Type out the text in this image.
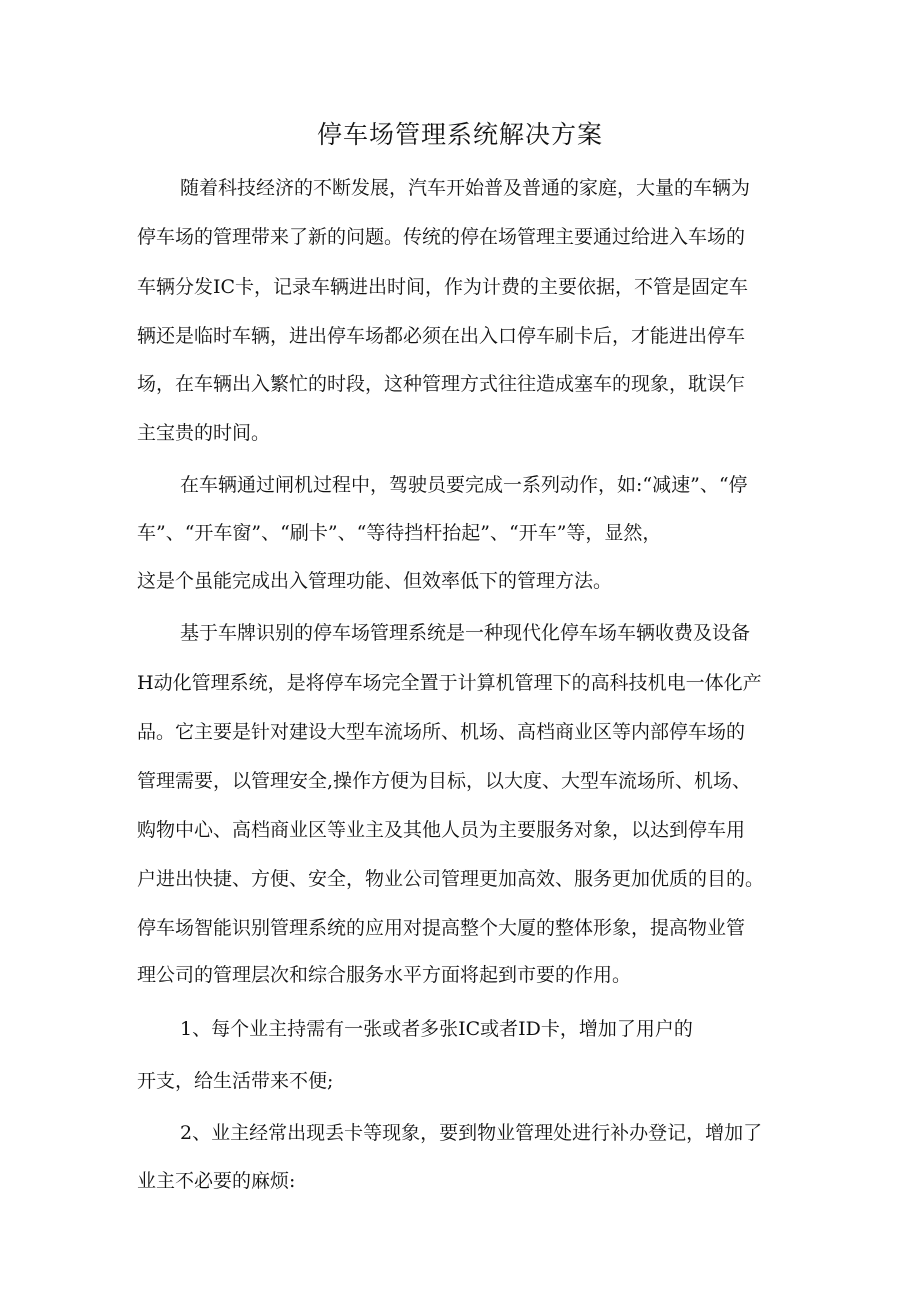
停车场管理系统解决方案

随着科技经济的不断发展，汽车开始普及普通的家庭，大量的车辆为

停车场的管理带来了新的问题。传统的停在场管理主要通过给进入车场的

车辆分发IC卡，记录车辆进出时间，作为计费的主要依据，不管是固定车

辆还是临时车辆，进出停车场都必须在出入口停车刷卡后，才能进出停车

场，在车辆出入繁忙的时段，这种管理方式往往造成塞车的现象，耽误乍

主宝贵的时间。

在车辆通过闸机过程中，驾驶员要完成一系列动作，如:“减速”、“停

车”、“开车窗”、“刷卡”、“等待挡杆抬起”、“开车”等，显然，

这是个虽能完成出入管理功能、但效率低下的管理方法。

基于车牌识别的停车场管理系统是一种现代化停车场车辆收费及设备

H动化管理系统，是将停车场完全置于计算机管理下的高科技机电一体化产

品。它主要是针对建设大型车流场所、机场、高档商业区等内部停车场的

管理需要，以管理安全,操作方便为目标，以大度、大型车流场所、机场、

购物中心、高档商业区等业主及其他人员为主要服务对象，以达到停车用

户进出快捷、方便、安全，物业公司管理更加高效、服务更加优质的目的。

停车场智能识别管理系统的应用对提高整个大厦的整体形象，提高物业管

理公司的管理层次和综合服务水平方面将起到市要的作用。

1、每个业主持需有一张或者多张IC或者ID卡，增加了用户的

开支，给生活带来不便;

2、业主经常出现丢卡等现象，要到物业管理处进行补办登记，增加了

业主不必要的麻烦:
